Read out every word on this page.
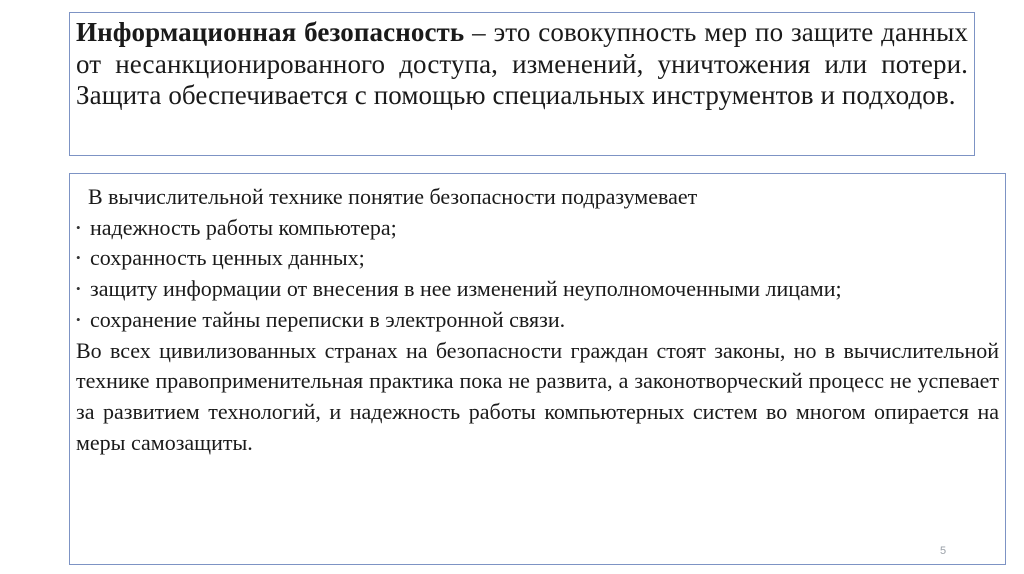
Информационная безопасность – это совокупность мер по защите данных от несанкционированного доступа, изменений, уничтожения или потери. Защита обеспечивается с помощью специальных инструментов и подходов.

В вычислительной технике понятие безопасности подразумевает

• надежность работы компьютера;

• сохранность ценных данных;

• защиту информации от внесения в нее изменений неуполномоченными лицами;

• сохранение тайны переписки в электронной связи.

Во всех цивилизованных странах на безопасности граждан стоят законы, но в вычислительной технике правоприменительная практика пока не развита, а законотворческий процесс не успевает за развитием технологий, и надежность работы компьютерных систем во многом опирается на меры самозащиты.

5
